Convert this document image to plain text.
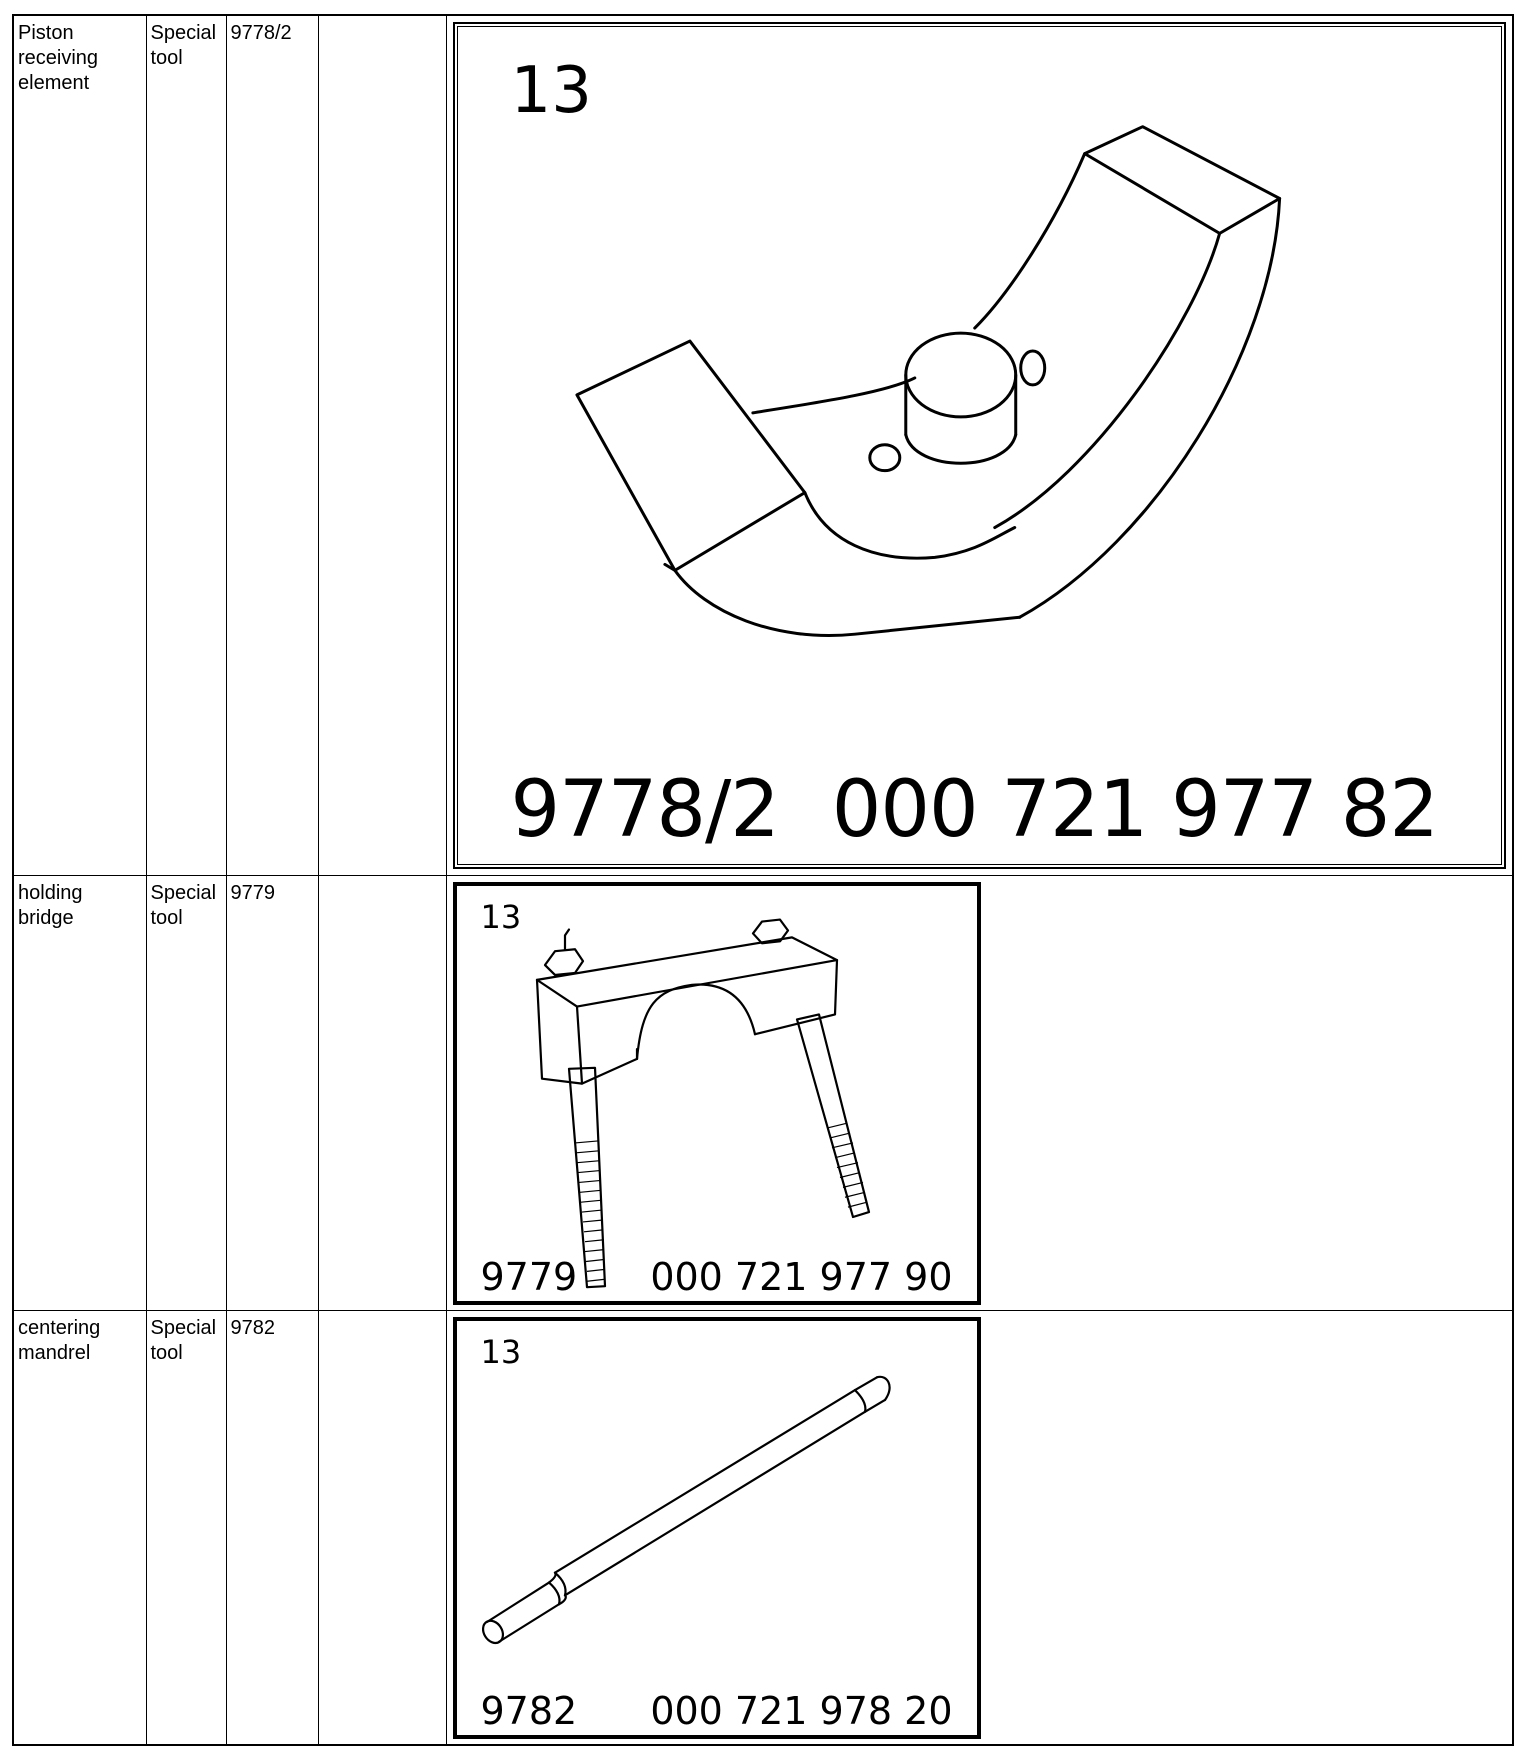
Piston receiving element	Special tool	9778/2		13
9778/2 000 721 977 82

holding bridge	Special tool	9779		13
9779 000 721 977 90

centering mandrel	Special tool	9782		13
9782 000 721 978 20
